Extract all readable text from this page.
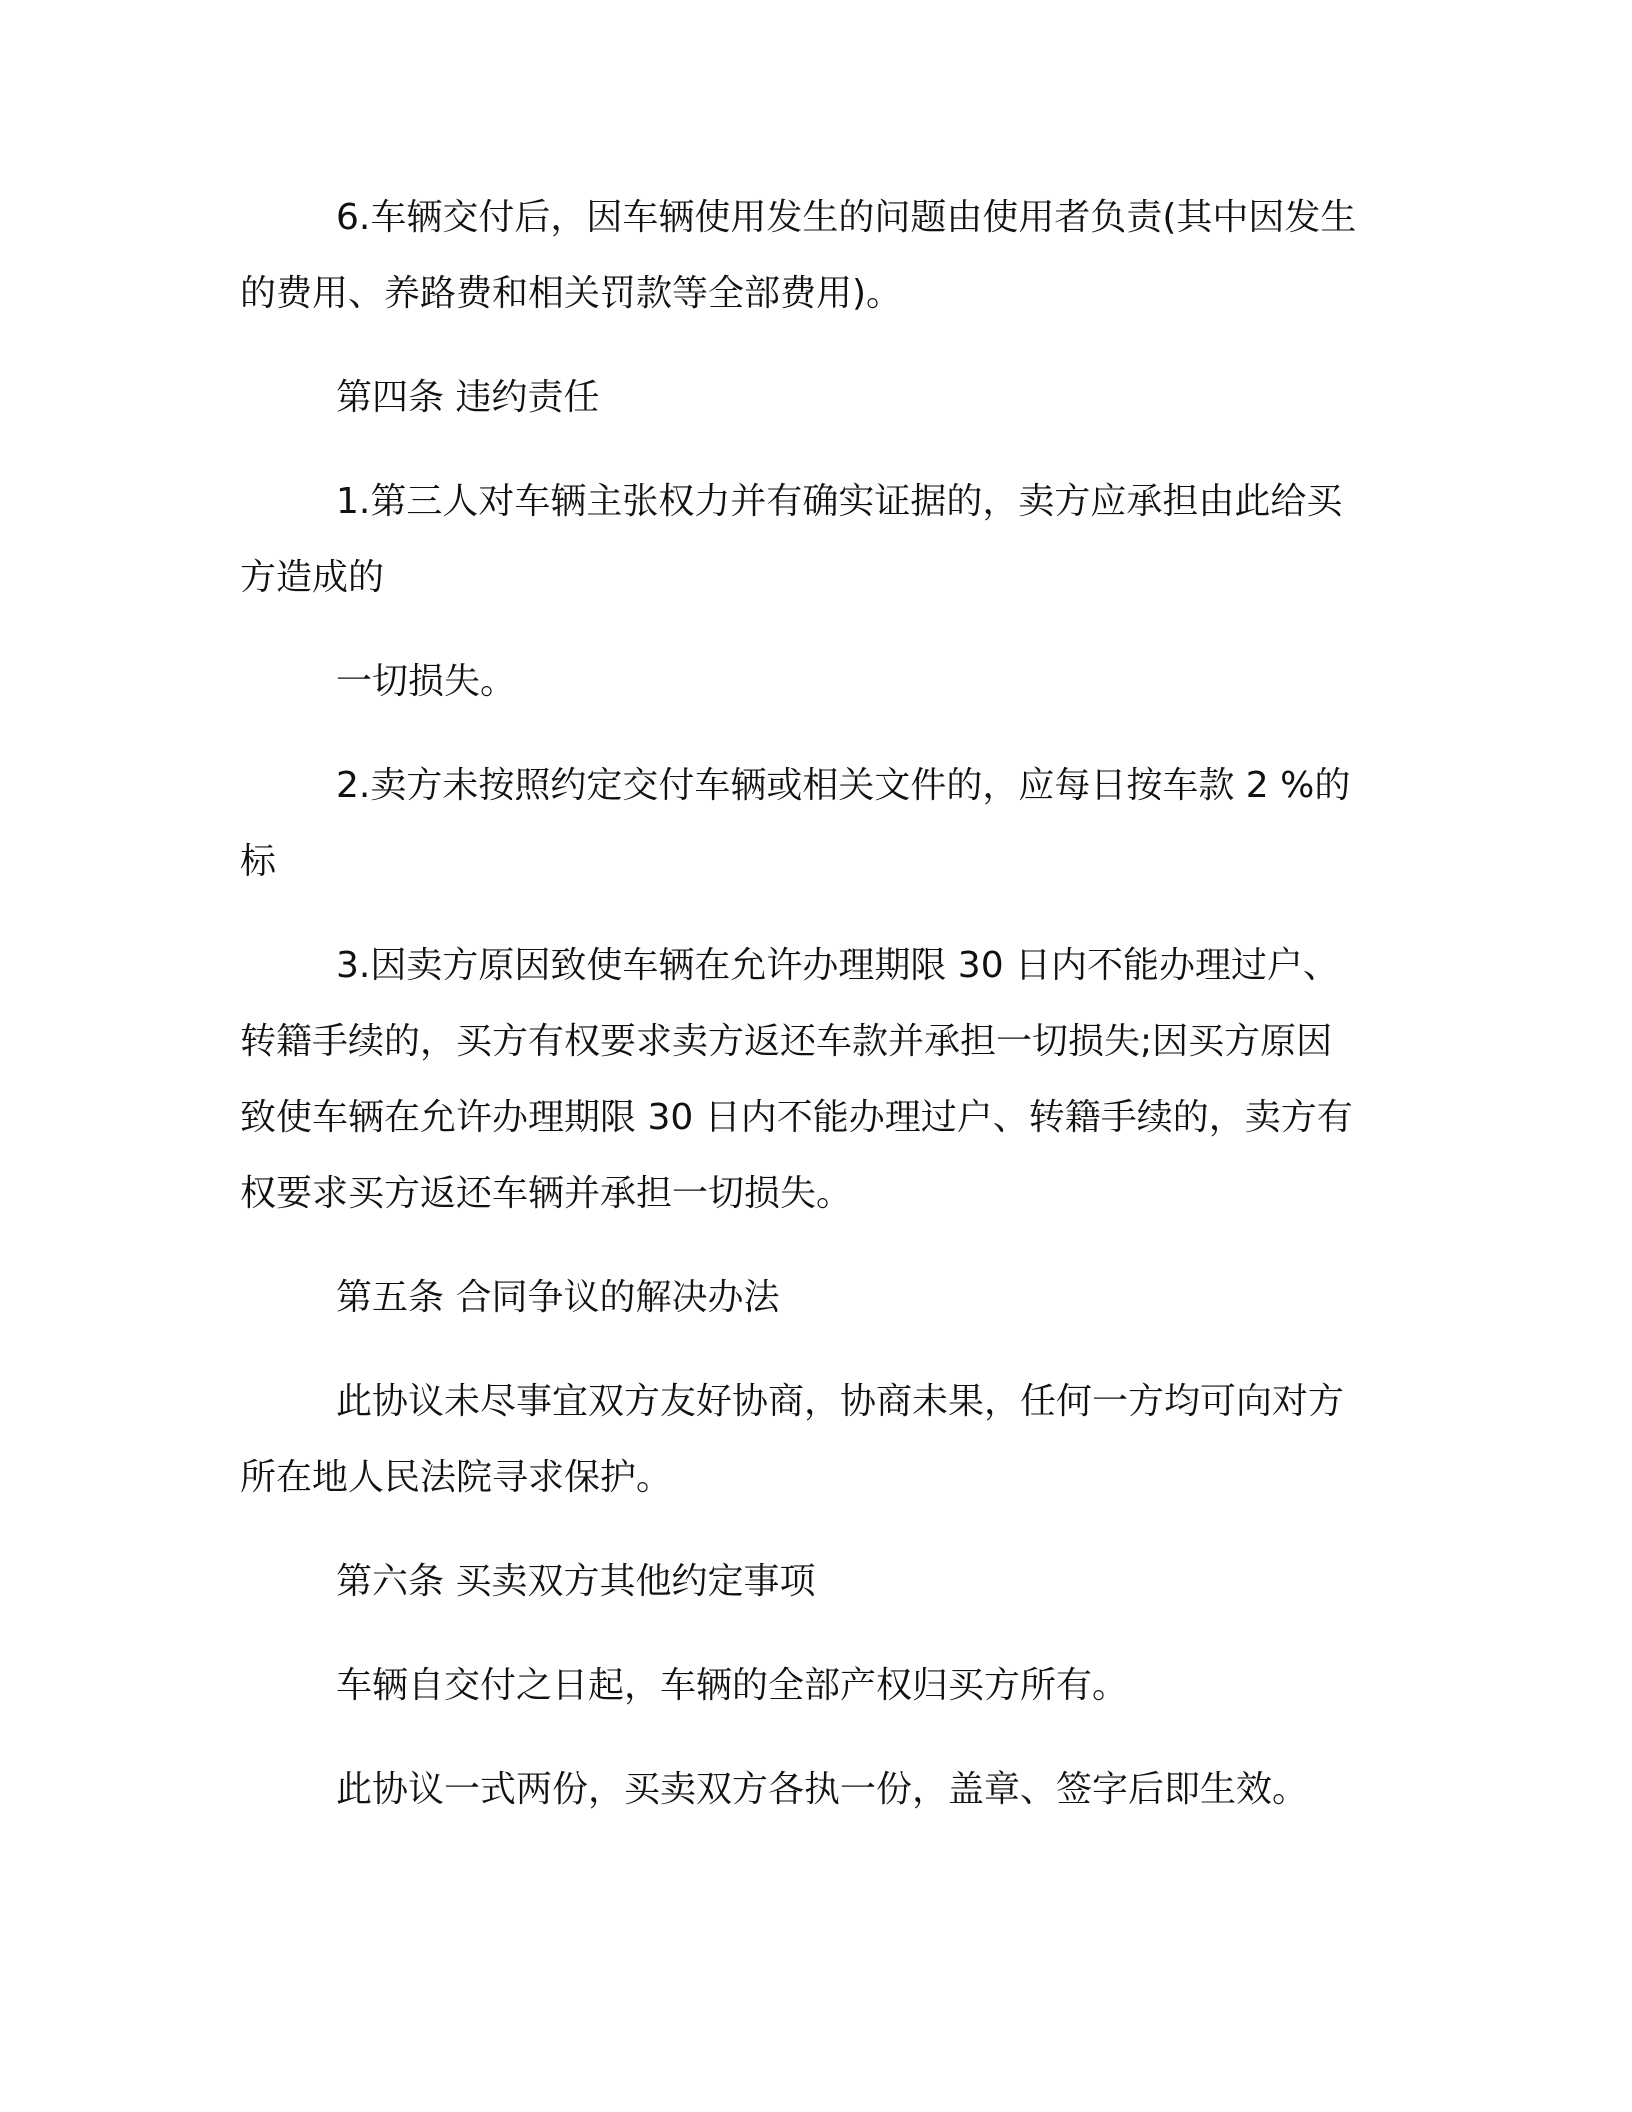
6.车辆交付后，因车辆使用发生的问题由使用者负责(其中因发生
的费用、养路费和相关罚款等全部费用)。
第四条 违约责任
1.第三人对车辆主张权力并有确实证据的，卖方应承担由此给买
方造成的
一切损失。
2.卖方未按照约定交付车辆或相关文件的，应每日按车款 2 %的
标
3.因卖方原因致使车辆在允许办理期限 30 日内不能办理过户、
转籍手续的，买方有权要求卖方返还车款并承担一切损失;因买方原因
致使车辆在允许办理期限 30 日内不能办理过户、转籍手续的，卖方有
权要求买方返还车辆并承担一切损失。
第五条 合同争议的解决办法
此协议未尽事宜双方友好协商，协商未果，任何一方均可向对方
所在地人民法院寻求保护。
第六条 买卖双方其他约定事项
车辆自交付之日起，车辆的全部产权归买方所有。
此协议一式两份，买卖双方各执一份，盖章、签字后即生效。
